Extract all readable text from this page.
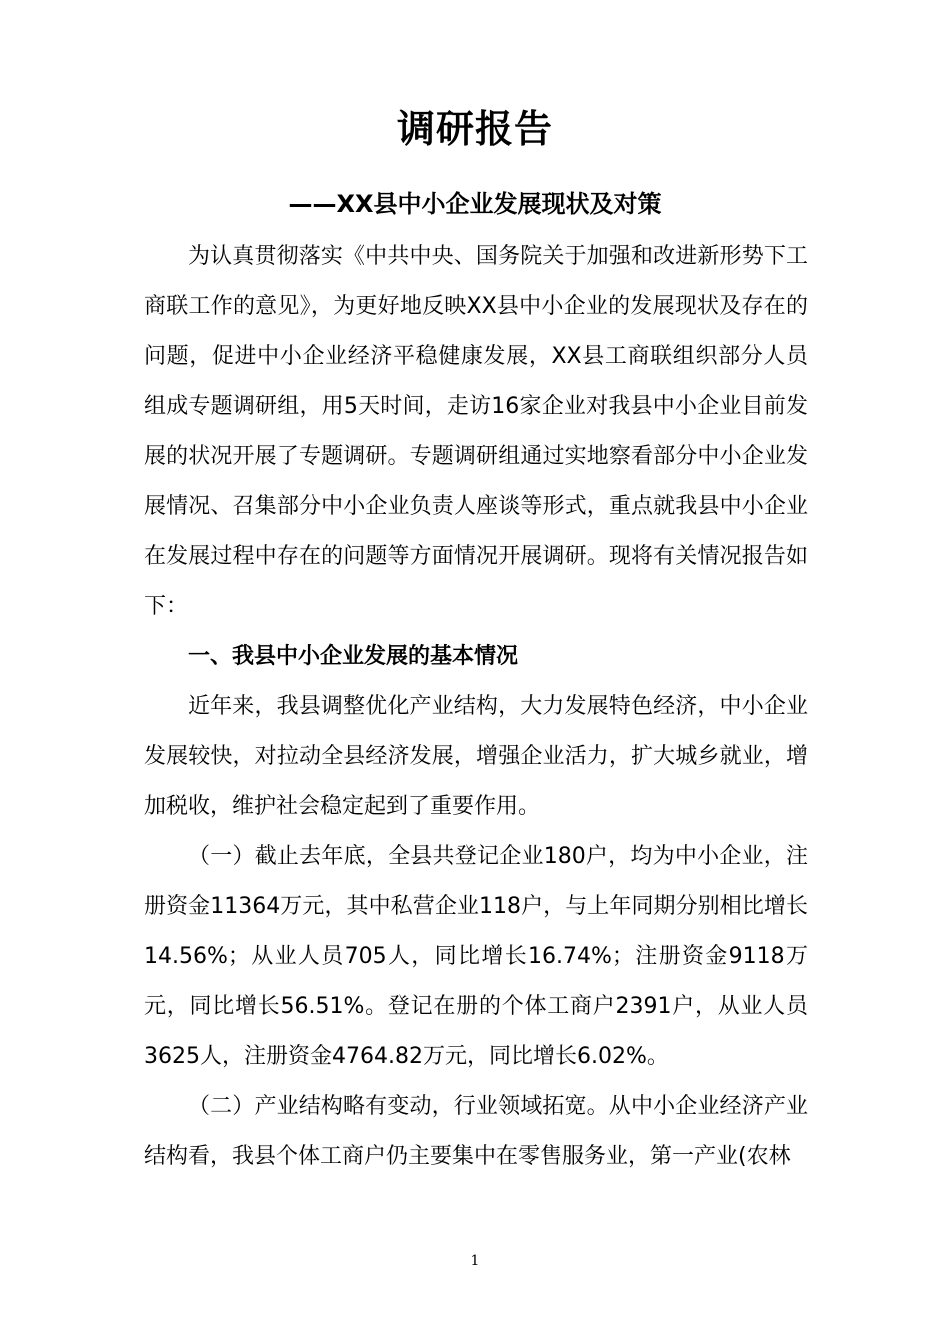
调研报告
——XX县中小企业发展现状及对策

为认真贯彻落实《中共中央、国务院关于加强和改进新形势下工商联工作的意见》，为更好地反映XX县中小企业的发展现状及存在的问题，促进中小企业经济平稳健康发展，XX县工商联组织部分人员组成专题调研组，用5天时间，走访16家企业对我县中小企业目前发展的状况开展了专题调研。专题调研组通过实地察看部分中小企业发展情况、召集部分中小企业负责人座谈等形式，重点就我县中小企业在发展过程中存在的问题等方面情况开展调研。现将有关情况报告如下：

一、我县中小企业发展的基本情况

近年来，我县调整优化产业结构，大力发展特色经济，中小企业发展较快，对拉动全县经济发展，增强企业活力，扩大城乡就业，增加税收，维护社会稳定起到了重要作用。

（一）截止去年底，全县共登记企业180户，均为中小企业，注册资金11364万元，其中私营企业118户，与上年同期分别相比增长14.56%；从业人员705人，同比增长16.74%；注册资金9118万元，同比增长56.51%。登记在册的个体工商户2391户，从业人员3625人，注册资金4764.82万元，同比增长6.02%。

（二）产业结构略有变动，行业领域拓宽。从中小企业经济产业结构看，我县个体工商户仍主要集中在零售服务业，第一产业(农林

1
